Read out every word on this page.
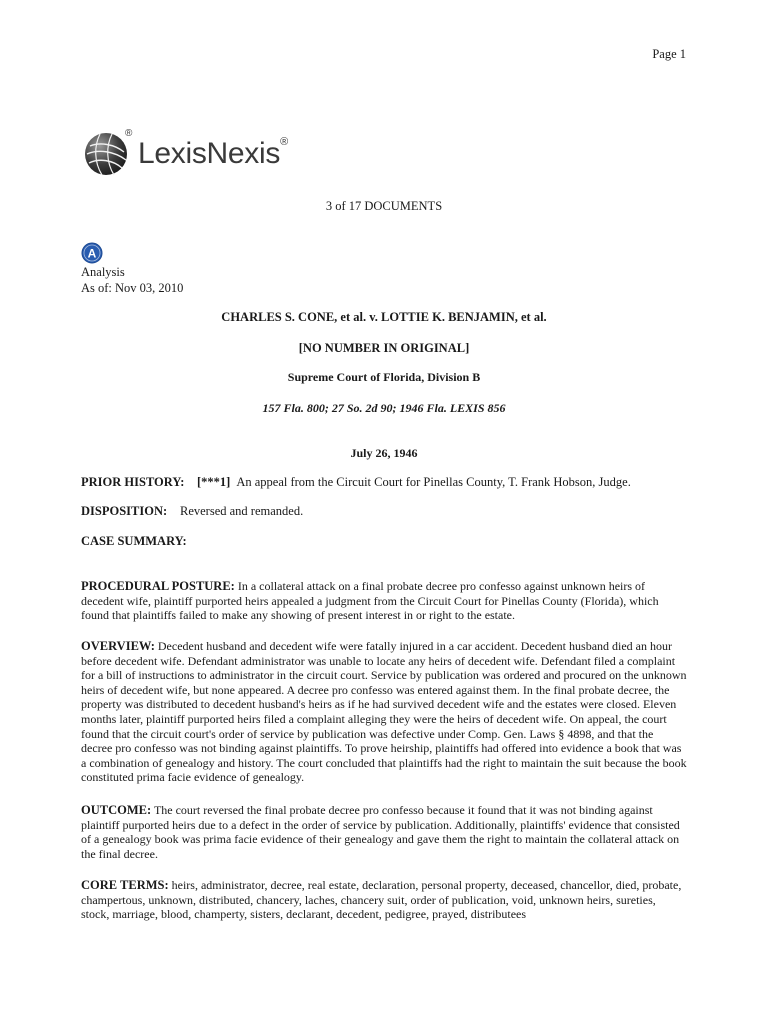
Page 1
®
LexisNexis®
3 of 17 DOCUMENTS
A
Analysis
As of: Nov 03, 2010
CHARLES S. CONE, et al. v. LOTTIE K. BENJAMIN, et al.
[NO NUMBER IN ORIGINAL]
Supreme Court of Florida, Division B
157 Fla. 800; 27 So. 2d 90; 1946 Fla. LEXIS 856
July 26, 1946
PRIOR HISTORY: [***1] An appeal from the Circuit Court for Pinellas County, T. Frank Hobson, Judge.
DISPOSITION: Reversed and remanded.
CASE SUMMARY:
PROCEDURAL POSTURE: In a collateral attack on a final probate decree pro confesso against unknown heirs of decedent wife, plaintiff purported heirs appealed a judgment from the Circuit Court for Pinellas County (Florida), which found that plaintiffs failed to make any showing of present interest in or right to the estate.
OVERVIEW: Decedent husband and decedent wife were fatally injured in a car accident. Decedent husband died an hour before decedent wife. Defendant administrator was unable to locate any heirs of decedent wife. Defendant filed a complaint for a bill of instructions to administrator in the circuit court. Service by publication was ordered and procured on the unknown heirs of decedent wife, but none appeared. A decree pro confesso was entered against them. In the final probate decree, the property was distributed to decedent husband's heirs as if he had survived decedent wife and the estates were closed. Eleven months later, plaintiff purported heirs filed a complaint alleging they were the heirs of decedent wife. On appeal, the court found that the circuit court's order of service by publication was defective under Comp. Gen. Laws § 4898, and that the decree pro confesso was not binding against plaintiffs. To prove heirship, plaintiffs had offered into evidence a book that was a combination of genealogy and history. The court concluded that plaintiffs had the right to maintain the suit because the book constituted prima facie evidence of genealogy.
OUTCOME: The court reversed the final probate decree pro confesso because it found that it was not binding against plaintiff purported heirs due to a defect in the order of service by publication. Additionally, plaintiffs' evidence that consisted of a genealogy book was prima facie evidence of their genealogy and gave them the right to maintain the collateral attack on the final decree.
CORE TERMS: heirs, administrator, decree, real estate, declaration, personal property, deceased, chancellor, died, probate, champertous, unknown, distributed, chancery, laches, chancery suit, order of publication, void, unknown heirs, sureties, stock, marriage, blood, champerty, sisters, declarant, decedent, pedigree, prayed, distributees
